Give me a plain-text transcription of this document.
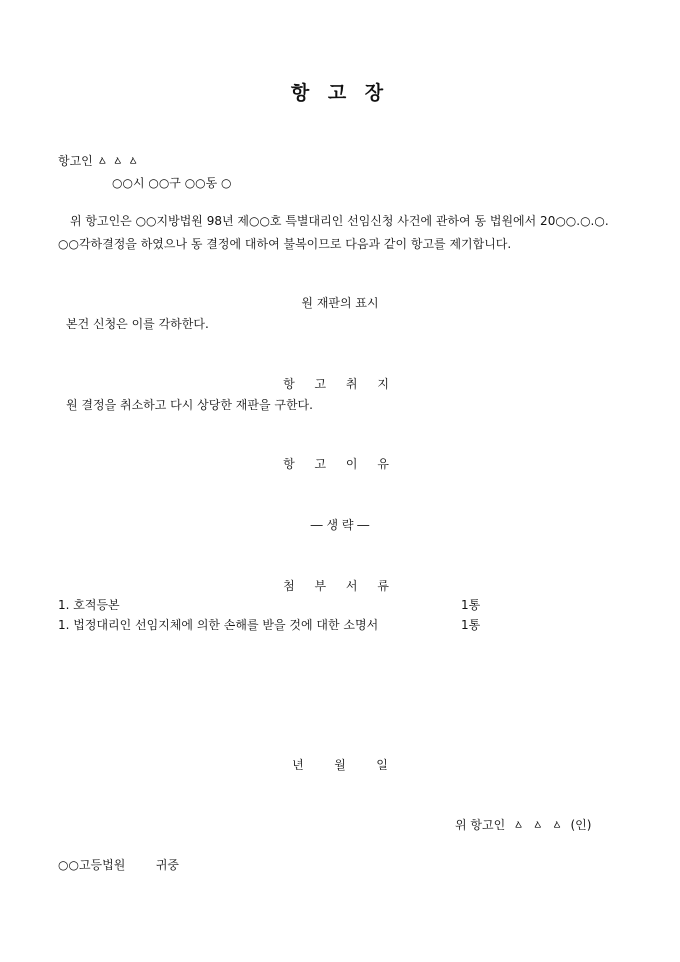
항 고 장
항고인 ㅿ ㅿ ㅿ
○○시 ○○구 ○○동 ○
위 항고인은 ○○지방법원 98년 제○○호 특별대리인 선임신청 사건에 관하여 동 법원에서 20○○.○.○. ○○각하결정을 하였으나 동 결정에 대하여 불복이므로 다음과 같이 항고를 제기합니다.
원 재판의 표시
본건 신청은 이를 각하한다.
항 고 취 지
원 결정을 취소하고 다시 상당한 재판을 구한다.
항 고 이 유
― 생 략 ―
첨 부 서 류
1. 호적등본	1통
1. 법정대리인 선임지체에 의한 손해를 받을 것에 대한 소명서	1통
년        월        일
위 항고인  ㅿ  ㅿ  ㅿ  (인)
○○고등법원        귀중
